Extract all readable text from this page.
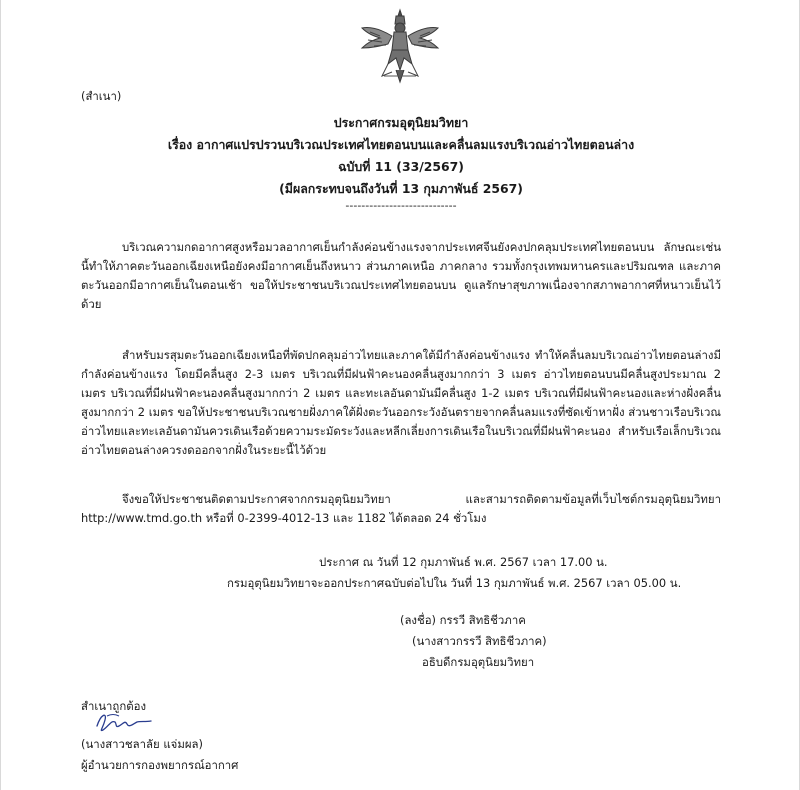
(สำเนา)
ประกาศกรมอุตุนิยมวิทยา
เรื่อง อากาศแปรปรวนบริเวณประเทศไทยตอนบนและคลื่นลมแรงบริเวณอ่าวไทยตอนล่าง
ฉบับที่ 11 (33/2567)
(มีผลกระทบจนถึงวันที่ 13 กุมภาพันธ์ 2567)
----------------------------

บริเวณความกดอากาศสูงหรือมวลอากาศเย็นกำลังค่อนข้างแรงจากประเทศจีนยังคงปกคลุมประเทศไทยตอนบน ลักษณะเช่นนี้ทำให้ภาคตะวันออกเฉียงเหนือยังคงมีอากาศเย็นถึงหนาว ส่วนภาคเหนือ ภาคกลาง รวมทั้งกรุงเทพมหานครและปริมณฑล และภาคตะวันออกมีอากาศเย็นในตอนเช้า ขอให้ประชาชนบริเวณประเทศไทยตอนบน ดูแลรักษาสุขภาพเนื่องจากสภาพอากาศที่หนาวเย็นไว้ด้วย

สำหรับมรสุมตะวันออกเฉียงเหนือที่พัดปกคลุมอ่าวไทยและภาคใต้มีกำลังค่อนข้างแรง ทำให้คลื่นลมบริเวณอ่าวไทยตอนล่างมีกำลังค่อนข้างแรง โดยมีคลื่นสูง 2-3 เมตร บริเวณที่มีฝนฟ้าคะนองคลื่นสูงมากกว่า 3 เมตร อ่าวไทยตอนบนมีคลื่นสูงประมาณ 2 เมตร บริเวณที่มีฝนฟ้าคะนองคลื่นสูงมากกว่า 2 เมตร และทะเลอันดามันมีคลื่นสูง 1-2 เมตร บริเวณที่มีฝนฟ้าคะนองและห่างฝั่งคลื่นสูงมากกว่า 2 เมตร ขอให้ประชาชนบริเวณชายฝั่งภาคใต้ฝั่งตะวันออกระวังอันตรายจากคลื่นลมแรงที่ซัดเข้าหาฝั่ง ส่วนชาวเรือบริเวณอ่าวไทยและทะเลอันดามันควรเดินเรือด้วยความระมัดระวังและหลีกเลี่ยงการเดินเรือในบริเวณที่มีฝนฟ้าคะนอง สำหรับเรือเล็กบริเวณอ่าวไทยตอนล่างควรงดออกจากฝั่งในระยะนี้ไว้ด้วย

จึงขอให้ประชาชนติดตามประกาศจากกรมอุตุนิยมวิทยา และสามารถติดตามข้อมูลที่เว็บไซต์กรมอุตุนิยมวิทยา http://www.tmd.go.th หรือที่ 0-2399-4012-13 และ 1182 ได้ตลอด 24 ชั่วโมง

ประกาศ ณ วันที่ 12 กุมภาพันธ์ พ.ศ. 2567 เวลา 17.00 น.
กรมอุตุนิยมวิทยาจะออกประกาศฉบับต่อไปใน วันที่ 13 กุมภาพันธ์ พ.ศ. 2567 เวลา 05.00 น.
(ลงชื่อ) กรรวี สิทธิชีวภาค
(นางสาวกรรวี สิทธิชีวภาค)
อธิบดีกรมอุตุนิยมวิทยา
สำเนาถูกต้อง
(นางสาวชลาลัย แจ่มผล)
ผู้อำนวยการกองพยากรณ์อากาศ
